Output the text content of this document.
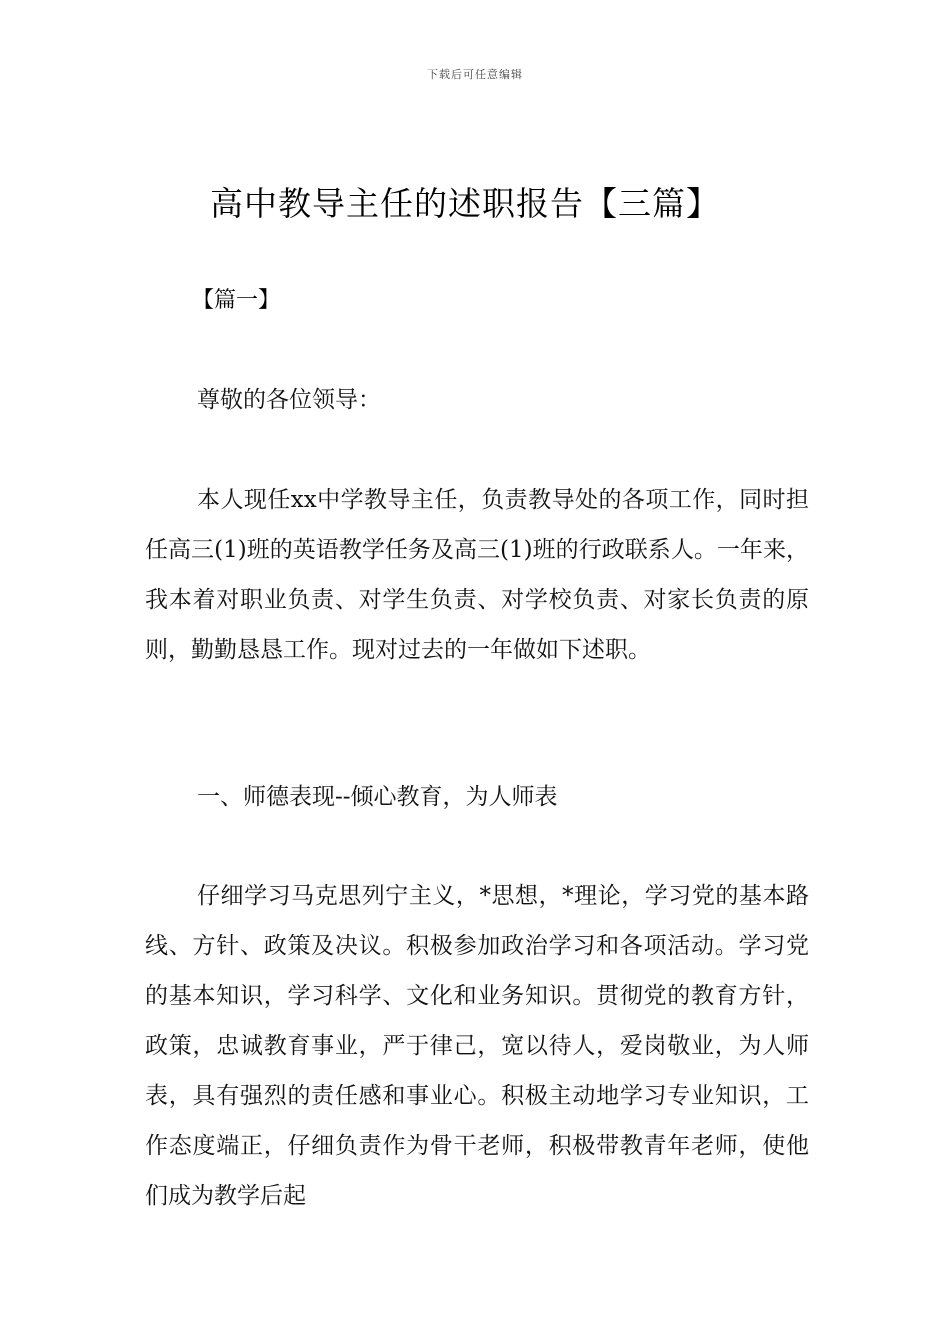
下载后可任意编辑
高中教导主任的述职报告【三篇】
【篇一】

尊敬的各位领导：

本人现任xx中学教导主任，负责教导处的各项工作，同时担任高三(1)班的英语教学任务及高三(1)班的行政联系人。一年来，我本着对职业负责、对学生负责、对学校负责、对家长负责的原则，勤勤恳恳工作。现对过去的一年做如下述职。

一、师德表现--倾心教育，为人师表

仔细学习马克思列宁主义，*思想，*理论，学习党的基本路线、方针、政策及决议。积极参加政治学习和各项活动。学习党的基本知识，学习科学、文化和业务知识。贯彻党的教育方针，政策，忠诚教育事业，严于律己，宽以待人，爱岗敬业，为人师表，具有强烈的责任感和事业心。积极主动地学习专业知识，工作态度端正，仔细负责作为骨干老师，积极带教青年老师，使他们成为教学后起
